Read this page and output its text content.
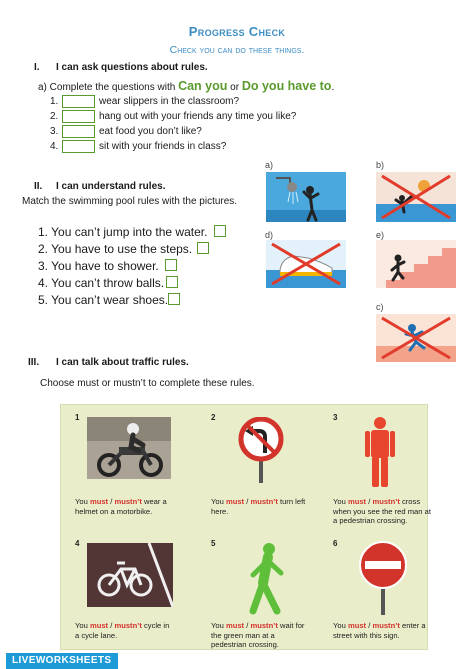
Progress Check
Check you can do these things.
I. I can ask questions about rules.
a) Complete the questions with Can you or Do you have to.
1.	wear slippers in the classroom?
2.	hang out with your friends any time you like?
3.	eat food you don’t like?
4.	sit with your friends in class?
II. I can understand rules.
Match the swimming pool rules with the pictures.
1. You can’t jump into the water.
2. You have to use the steps.
3. You have to shower.
4. You can’t throw balls.
5. You can’t wear shoes.
a)	b)
d)	e)
c)
III. I can talk about traffic rules.
Choose must or mustn’t to complete these rules.
1
You must / mustn’t wear a helmet on a motorbike.
2
You must / mustn’t turn left here.
3
You must / mustn’t cross when you see the red man at a pedestrian crossing.
4
You must / mustn’t cycle in a cycle lane.
5
You must / mustn’t wait for the green man at a pedestrian crossing.
6
You must / mustn’t enter a street with this sign.
LIVEWORKSHEETS
